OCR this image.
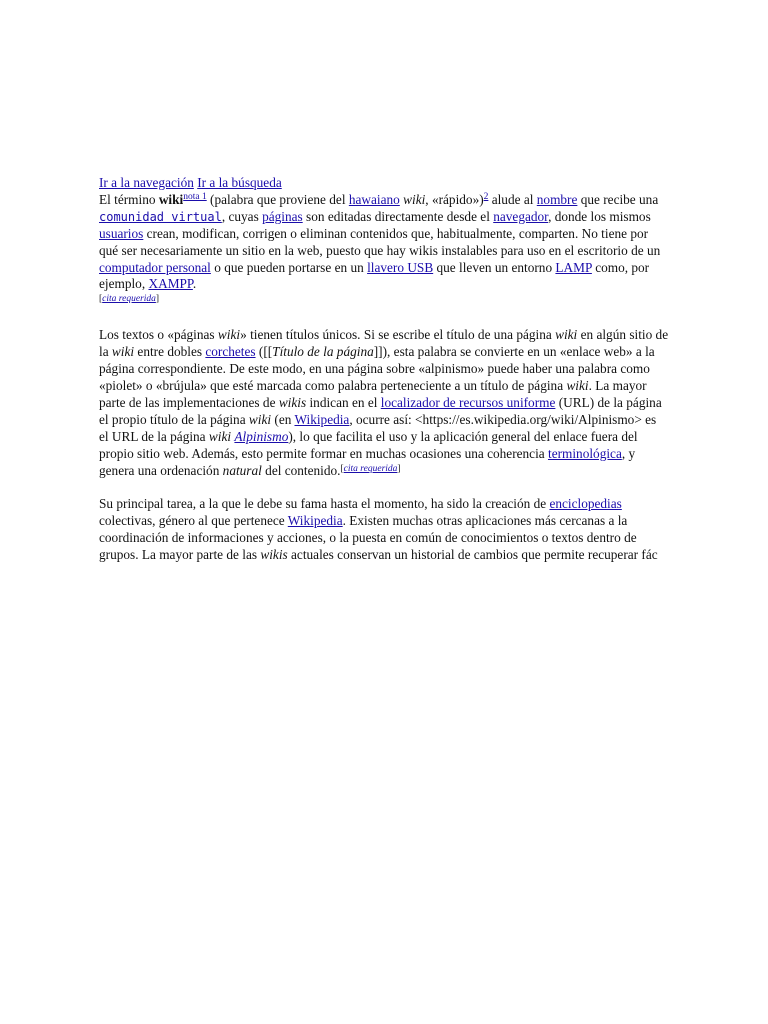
Ir a la navegación Ir a la búsqueda

El término wiki$^{nota 1}$ (palabra que proviene del hawaiano wiki, «rápido»)$^2$ alude al nombre que recibe una comunidad virtual, cuyas páginas son editadas directamente desde el navegador, donde los mismos usuarios crean, modifican, corrigen o eliminan contenidos que, habitualmente, comparten. No tiene por qué ser necesariamente un sitio en la web, puesto que hay wikis instalables para uso en el escritorio de un computador personal o que pueden portarse en un llavero USB que lleven un entorno LAMP como, por ejemplo, XAMPP.
[cita requerida]

Los textos o «páginas wiki» tienen títulos únicos. Si se escribe el título de una página wiki en algún sitio de la wiki entre dobles corchetes ([[Título de la página]]), esta palabra se convierte en un «enlace web» a la página correspondiente. De este modo, en una página sobre «alpinismo» puede haber una palabra como «piolet» o «brújula» que esté marcada como palabra perteneciente a un título de página wiki. La mayor parte de las implementaciones de wikis indican en el localizador de recursos uniforme (URL) de la página el propio título de la página wiki (en Wikipedia, ocurre así: <https://es.wikipedia.org/wiki/Alpinismo> es el URL de la página wiki Alpinismo), lo que facilita el uso y la aplicación general del enlace fuera del propio sitio web. Además, esto permite formar en muchas ocasiones una coherencia terminológica, y genera una ordenación natural del contenido.[cita requerida]

Su principal tarea, a la que le debe su fama hasta el momento, ha sido la creación de enciclopedias colectivas, género al que pertenece Wikipedia. Existen muchas otras aplicaciones más cercanas a la coordinación de informaciones y acciones, o la puesta en común de conocimientos o textos dentro de grupos. La mayor parte de las wikis actuales conservan un historial de cambios que permite recuperar fác
